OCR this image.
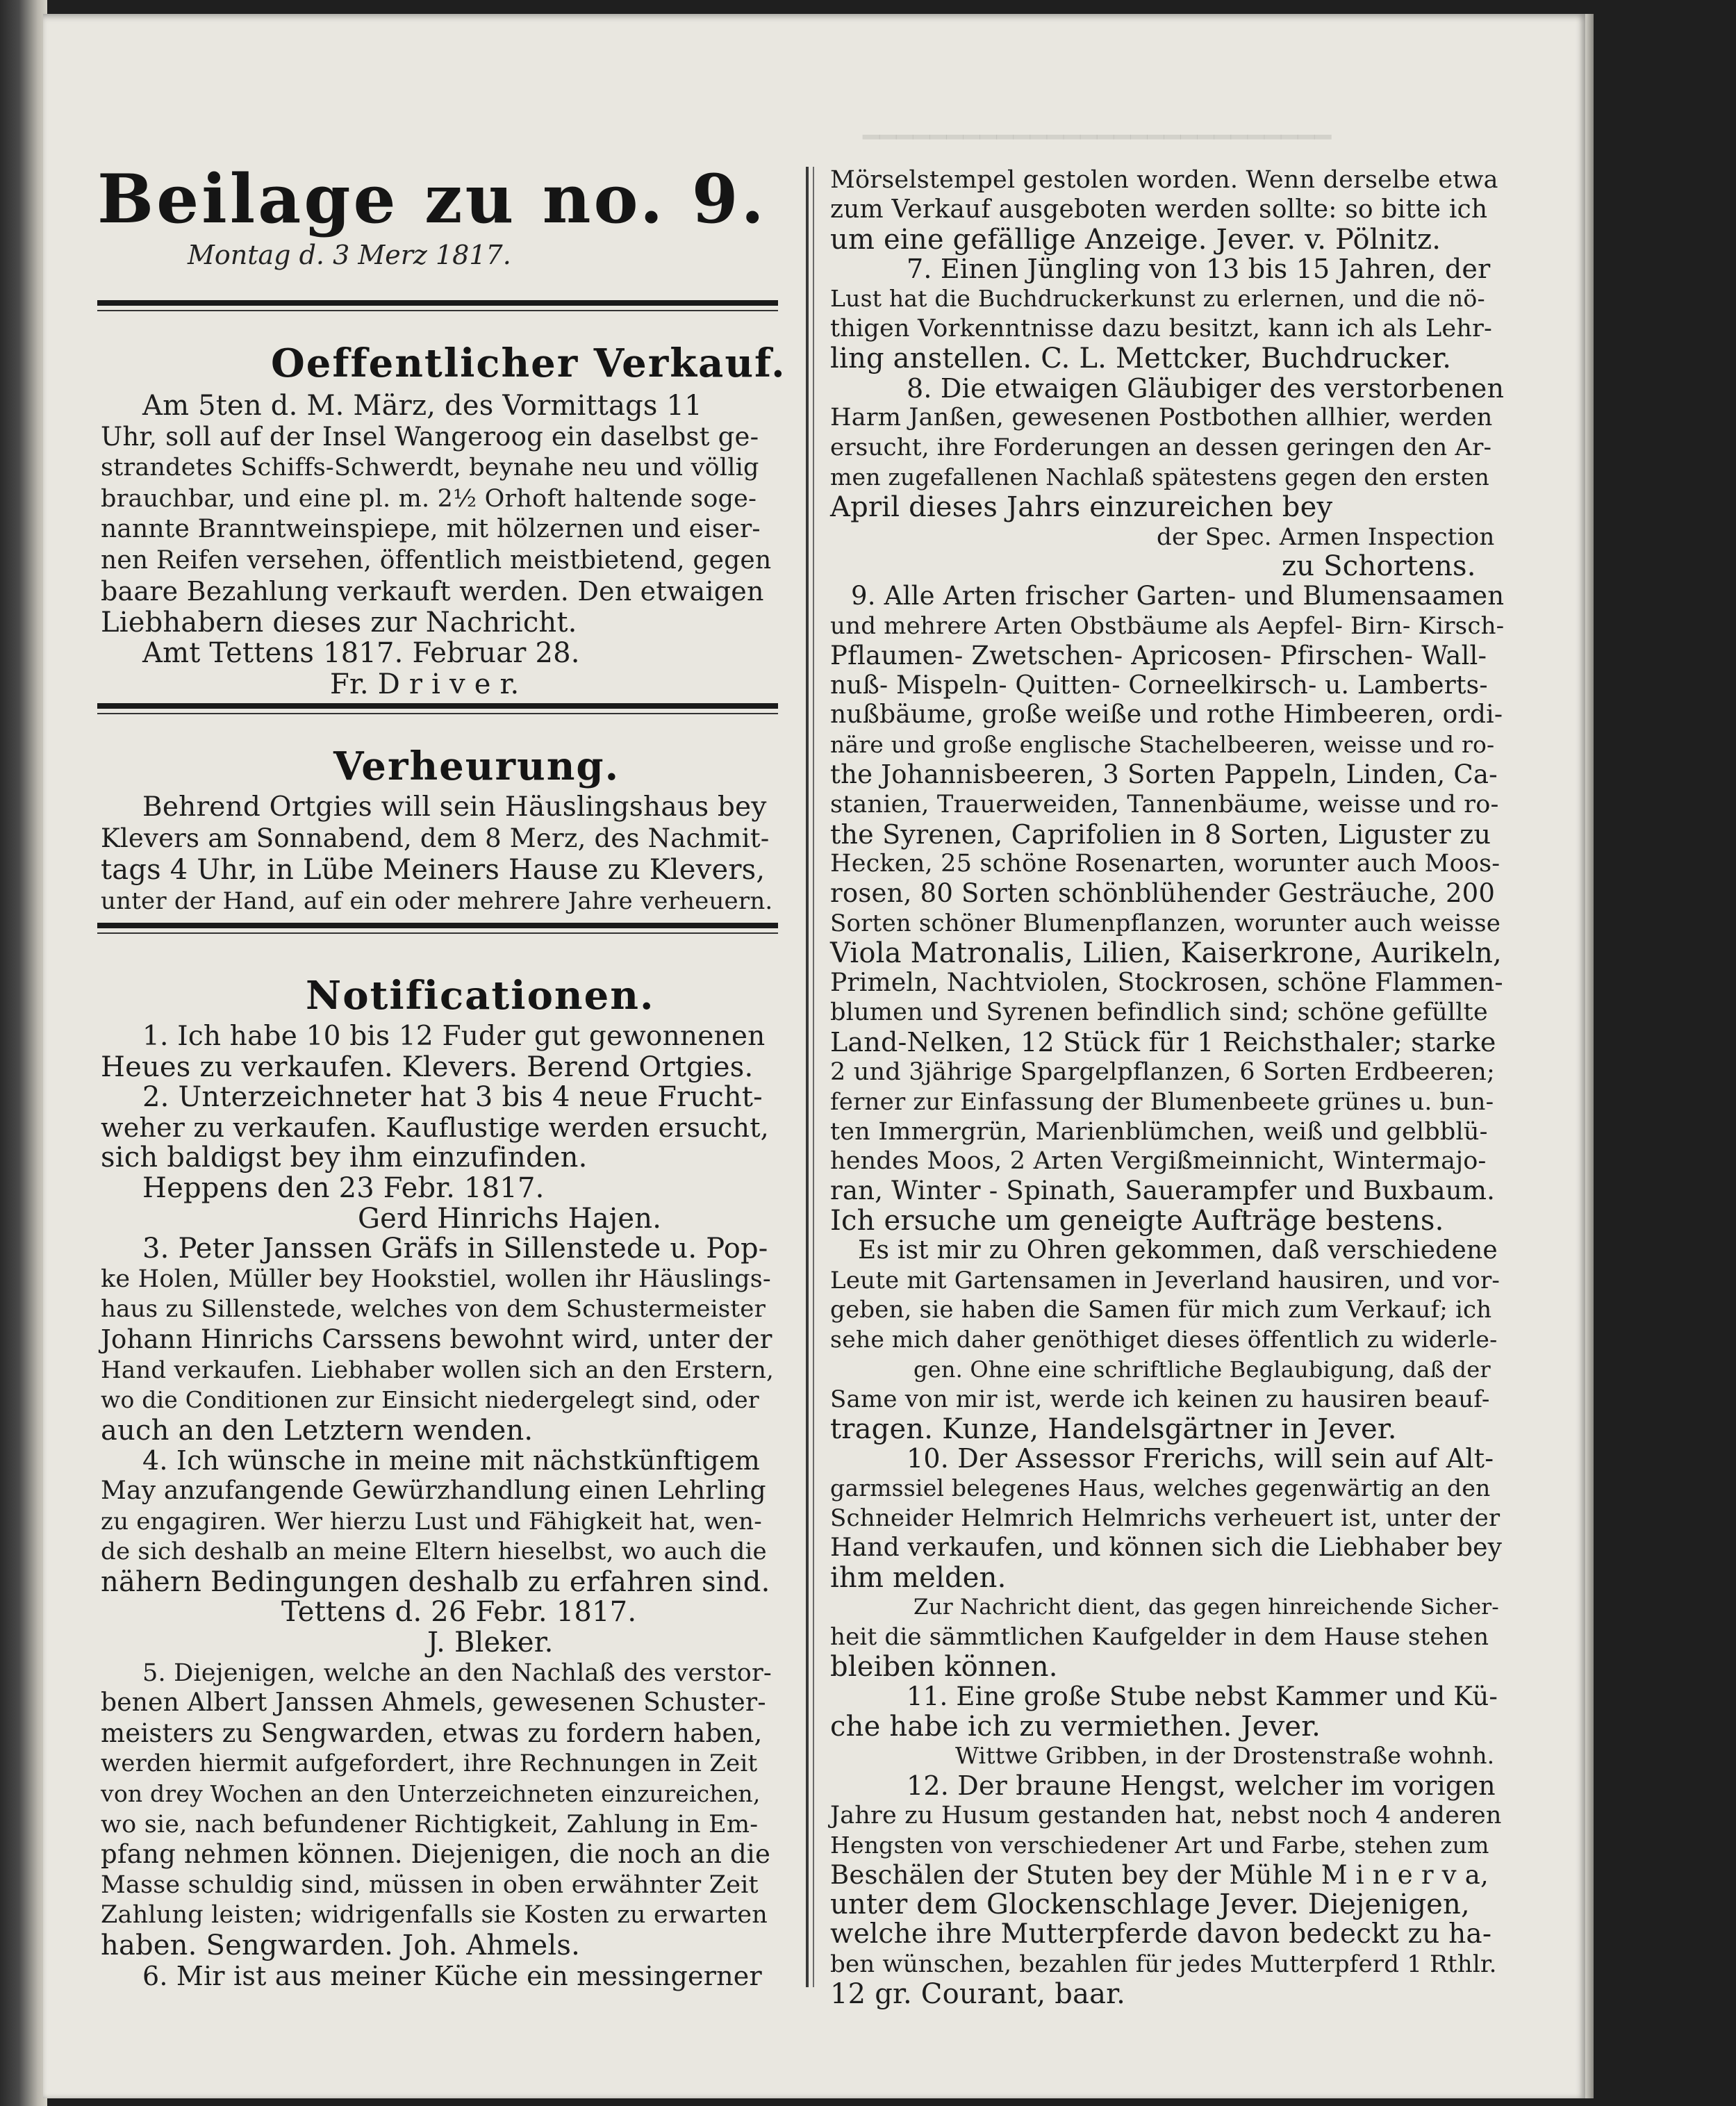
━━━━━━━━━━━━━━━━━━━━━━━━━━━━
Beilage zu no. 9.
Montag d. 3 Merz 1817.
Oeffentlicher Verkauf.
Am 5ten d. M. März, des Vormittags 11
Uhr, soll auf der Insel Wangeroog ein daselbst ge-
strandetes Schiffs-Schwerdt, beynahe neu und völlig
brauchbar, und eine pl. m. 2½ Orhoft haltende soge-
nannte Branntweinspiepe, mit hölzernen und eiser-
nen Reifen versehen, öffentlich meistbietend, gegen
baare Bezahlung verkauft werden. Den etwaigen
Liebhabern dieses zur Nachricht.
Amt Tettens 1817. Februar 28.
Fr. D r i v e r.
Verheurung.
Behrend Ortgies will sein Häuslingshaus bey
Klevers am Sonnabend, dem 8 Merz, des Nachmit-
tags 4 Uhr, in Lübe Meiners Hause zu Klevers,
unter der Hand, auf ein oder mehrere Jahre verheuern.
Notificationen.
1. Ich habe 10 bis 12 Fuder gut gewonnenen
Heues zu verkaufen. Klevers. Berend Ortgies.
2. Unterzeichneter hat 3 bis 4 neue Frucht-
weher zu verkaufen. Kauflustige werden ersucht,
sich baldigst bey ihm einzufinden.
Heppens den 23 Febr. 1817.
Gerd Hinrichs Hajen.
3. Peter Janssen Gräfs in Sillenstede u. Pop-
ke Holen, Müller bey Hookstiel, wollen ihr Häuslings-
haus zu Sillenstede, welches von dem Schustermeister
Johann Hinrichs Carssens bewohnt wird, unter der
Hand verkaufen. Liebhaber wollen sich an den Erstern,
wo die Conditionen zur Einsicht niedergelegt sind, oder
auch an den Letztern wenden.
4. Ich wünsche in meine mit nächstkünftigem
May anzufangende Gewürzhandlung einen Lehrling
zu engagiren. Wer hierzu Lust und Fähigkeit hat, wen-
de sich deshalb an meine Eltern hieselbst, wo auch die
nähern Bedingungen deshalb zu erfahren sind.
Tettens d. 26 Febr. 1817.
J. Bleker.
5. Diejenigen, welche an den Nachlaß des verstor-
benen Albert Janssen Ahmels, gewesenen Schuster-
meisters zu Sengwarden, etwas zu fordern haben,
werden hiermit aufgefordert, ihre Rechnungen in Zeit
von drey Wochen an den Unterzeichneten einzureichen,
wo sie, nach befundener Richtigkeit, Zahlung in Em-
pfang nehmen können. Diejenigen, die noch an die
Masse schuldig sind, müssen in oben erwähnter Zeit
Zahlung leisten; widrigenfalls sie Kosten zu erwarten
haben. Sengwarden. Joh. Ahmels.
6. Mir ist aus meiner Küche ein messingerner
Mörselstempel gestolen worden. Wenn derselbe etwa
zum Verkauf ausgeboten werden sollte: so bitte ich
um eine gefällige Anzeige. Jever. v. Pölnitz.
7. Einen Jüngling von 13 bis 15 Jahren, der
Lust hat die Buchdruckerkunst zu erlernen, und die nö-
thigen Vorkenntnisse dazu besitzt, kann ich als Lehr-
ling anstellen. C. L. Mettcker, Buchdrucker.
8. Die etwaigen Gläubiger des verstorbenen
Harm Janßen, gewesenen Postbothen allhier, werden
ersucht, ihre Forderungen an dessen geringen den Ar-
men zugefallenen Nachlaß spätestens gegen den ersten
April dieses Jahrs einzureichen bey
der Spec. Armen Inspection
zu Schortens.
9. Alle Arten frischer Garten- und Blumensaamen
und mehrere Arten Obstbäume als Aepfel- Birn- Kirsch-
Pflaumen- Zwetschen- Apricosen- Pfirschen- Wall-
nuß- Mispeln- Quitten- Corneelkirsch- u. Lamberts-
nußbäume, große weiße und rothe Himbeeren, ordi-
näre und große englische Stachelbeeren, weisse und ro-
the Johannisbeeren, 3 Sorten Pappeln, Linden, Ca-
stanien, Trauerweiden, Tannenbäume, weisse und ro-
the Syrenen, Caprifolien in 8 Sorten, Liguster zu
Hecken, 25 schöne Rosenarten, worunter auch Moos-
rosen, 80 Sorten schönblühender Gesträuche, 200
Sorten schöner Blumenpflanzen, worunter auch weisse
Viola Matronalis, Lilien, Kaiserkrone, Aurikeln,
Primeln, Nachtviolen, Stockrosen, schöne Flammen-
blumen und Syrenen befindlich sind; schöne gefüllte
Land-Nelken, 12 Stück für 1 Reichsthaler; starke
2 und 3jährige Spargelpflanzen, 6 Sorten Erdbeeren;
ferner zur Einfassung der Blumenbeete grünes u. bun-
ten Immergrün, Marienblümchen, weiß und gelbblü-
hendes Moos, 2 Arten Vergißmeinnicht, Wintermajo-
ran, Winter - Spinath, Sauerampfer und Buxbaum.
Ich ersuche um geneigte Aufträge bestens.
Es ist mir zu Ohren gekommen, daß verschiedene
Leute mit Gartensamen in Jeverland hausiren, und vor-
geben, sie haben die Samen für mich zum Verkauf; ich
sehe mich daher genöthiget dieses öffentlich zu widerle-
gen. Ohne eine schriftliche Beglaubigung, daß der
Same von mir ist, werde ich keinen zu hausiren beauf-
tragen. Kunze, Handelsgärtner in Jever.
10. Der Assessor Frerichs, will sein auf Alt-
garmssiel belegenes Haus, welches gegenwärtig an den
Schneider Helmrich Helmrichs verheuert ist, unter der
Hand verkaufen, und können sich die Liebhaber bey
ihm melden.
Zur Nachricht dient, das gegen hinreichende Sicher-
heit die sämmtlichen Kaufgelder in dem Hause stehen
bleiben können.
11. Eine große Stube nebst Kammer und Kü-
che habe ich zu vermiethen. Jever.
Wittwe Gribben, in der Drostenstraße wohnh.
12. Der braune Hengst, welcher im vorigen
Jahre zu Husum gestanden hat, nebst noch 4 anderen
Hengsten von verschiedener Art und Farbe, stehen zum
Beschälen der Stuten bey der Mühle M i n e r v a,
unter dem Glockenschlage Jever. Diejenigen,
welche ihre Mutterpferde davon bedeckt zu ha-
ben wünschen, bezahlen für jedes Mutterpferd 1 Rthlr.
12 gr. Courant, baar.
